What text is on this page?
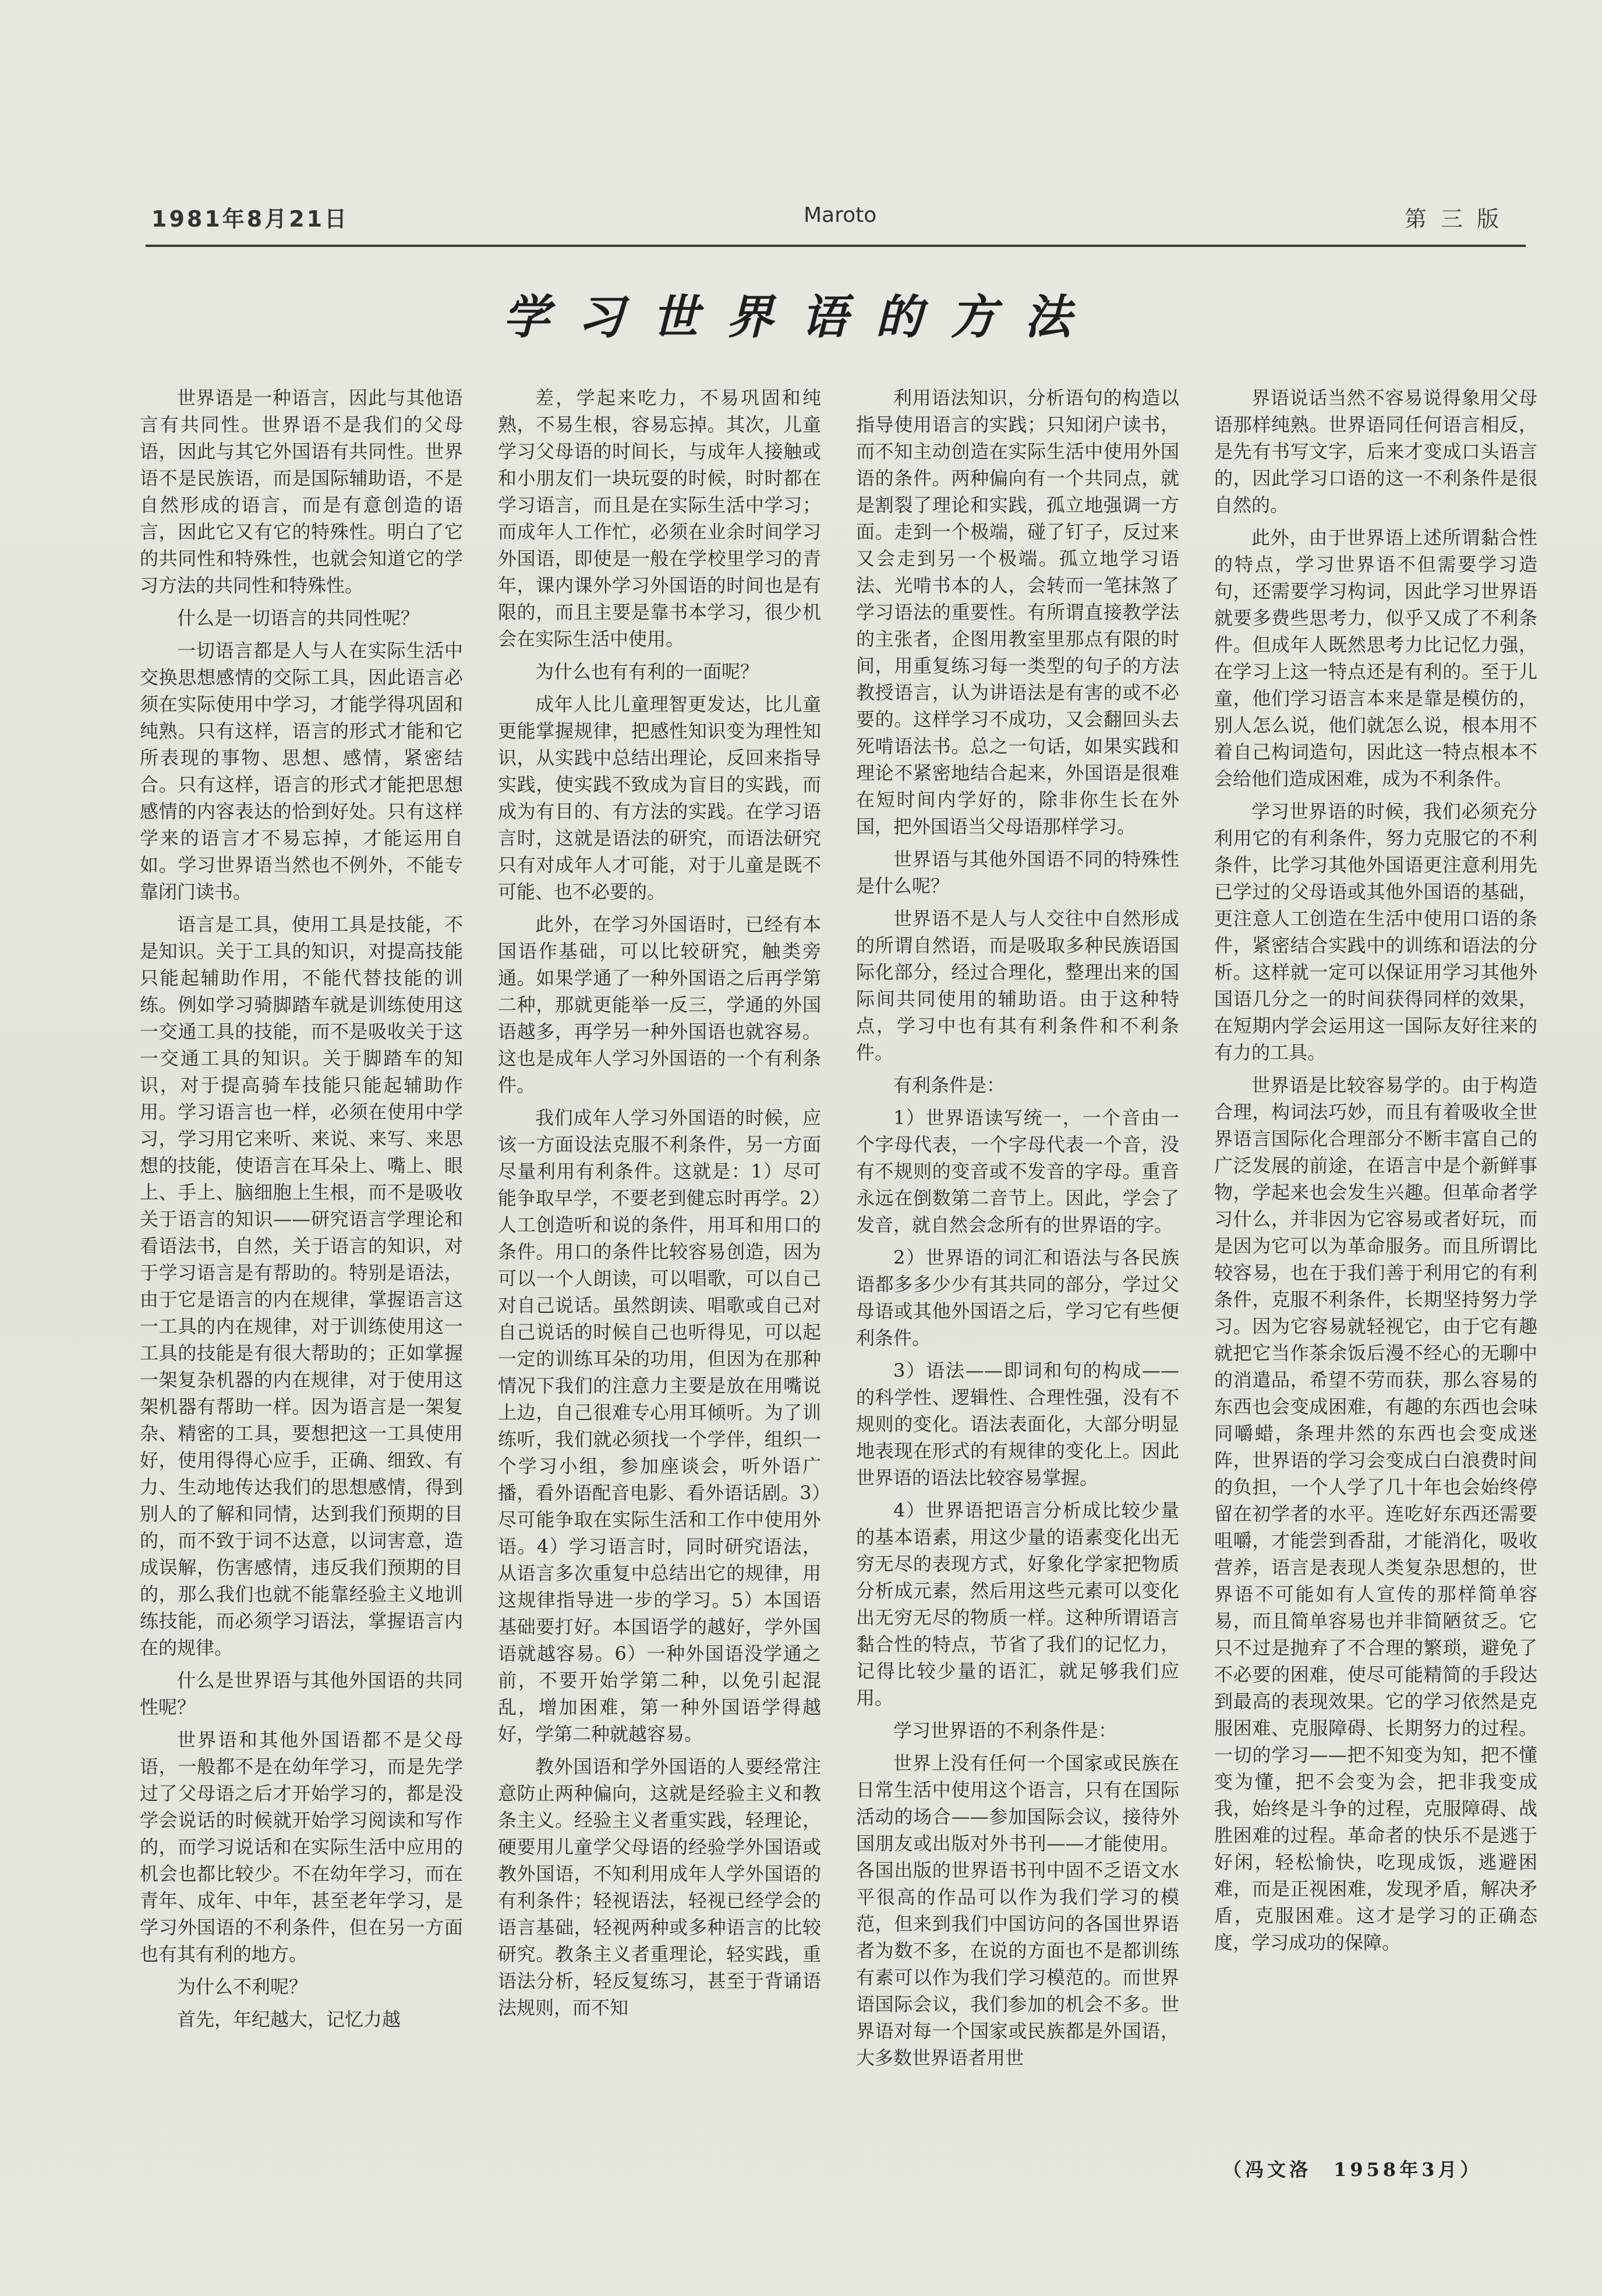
1981年8月21日	Maroto	第 三 版
学习世界语的方法

世界语是一种语言，因此与其他语言有共同性。世界语不是我们的父母语，因此与其它外国语有共同性。世界语不是民族语，而是国际辅助语，不是自然形成的语言，而是有意创造的语言，因此它又有它的特殊性。明白了它的共同性和特殊性，也就会知道它的学习方法的共同性和特殊性。

什么是一切语言的共同性呢？

一切语言都是人与人在实际生活中交换思想感情的交际工具，因此语言必须在实际使用中学习，才能学得巩固和纯熟。只有这样，语言的形式才能和它所表现的事物、思想、感情，紧密结合。只有这样，语言的形式才能把思想感情的内容表达的恰到好处。只有这样学来的语言才不易忘掉，才能运用自如。学习世界语当然也不例外，不能专靠闭门读书。

语言是工具，使用工具是技能，不是知识。关于工具的知识，对提高技能只能起辅助作用，不能代替技能的训练。例如学习骑脚踏车就是训练使用这一交通工具的技能，而不是吸收关于这一交通工具的知识。关于脚踏车的知识，对于提高骑车技能只能起辅助作用。学习语言也一样，必须在使用中学习，学习用它来听、来说、来写、来思想的技能，使语言在耳朵上、嘴上、眼上、手上、脑细胞上生根，而不是吸收关于语言的知识——研究语言学理论和看语法书，自然，关于语言的知识，对于学习语言是有帮助的。特别是语法，由于它是语言的内在规律，掌握语言这一工具的内在规律，对于训练使用这一工具的技能是有很大帮助的；正如掌握一架复杂机器的内在规律，对于使用这架机器有帮助一样。因为语言是一架复杂、精密的工具，要想把这一工具使用好，使用得得心应手，正确、细致、有力、生动地传达我们的思想感情，得到别人的了解和同情，达到我们预期的目的，而不致于词不达意，以词害意，造成误解，伤害感情，违反我们预期的目的，那么我们也就不能靠经验主义地训练技能，而必须学习语法，掌握语言内在的规律。

什么是世界语与其他外国语的共同性呢？

世界语和其他外国语都不是父母语，一般都不是在幼年学习，而是先学过了父母语之后才开始学习的，都是没学会说话的时候就开始学习阅读和写作的，而学习说话和在实际生活中应用的机会也都比较少。不在幼年学习，而在青年、成年、中年，甚至老年学习，是学习外国语的不利条件，但在另一方面也有其有利的地方。

为什么不利呢？

首先，年纪越大，记忆力越

差，学起来吃力，不易巩固和纯熟，不易生根，容易忘掉。其次，儿童学习父母语的时间长，与成年人接触或和小朋友们一块玩耍的时候，时时都在学习语言，而且是在实际生活中学习；而成年人工作忙，必须在业余时间学习外国语，即使是一般在学校里学习的青年，课内课外学习外国语的时间也是有限的，而且主要是靠书本学习，很少机会在实际生活中使用。

为什么也有有利的一面呢？

成年人比儿童理智更发达，比儿童更能掌握规律，把感性知识变为理性知识，从实践中总结出理论，反回来指导实践，使实践不致成为盲目的实践，而成为有目的、有方法的实践。在学习语言时，这就是语法的研究，而语法研究只有对成年人才可能，对于儿童是既不可能、也不必要的。

此外，在学习外国语时，已经有本国语作基础，可以比较研究，触类旁通。如果学通了一种外国语之后再学第二种，那就更能举一反三，学通的外国语越多，再学另一种外国语也就容易。这也是成年人学习外国语的一个有利条件。

我们成年人学习外国语的时候，应该一方面设法克服不利条件，另一方面尽量利用有利条件。这就是：1）尽可能争取早学，不要老到健忘时再学。2）人工创造听和说的条件，用耳和用口的条件。用口的条件比较容易创造，因为可以一个人朗读，可以唱歌，可以自己对自己说话。虽然朗读、唱歌或自己对自己说话的时候自己也听得见，可以起一定的训练耳朵的功用，但因为在那种情况下我们的注意力主要是放在用嘴说上边，自己很难专心用耳倾听。为了训练听，我们就必须找一个学伴，组织一个学习小组，参加座谈会，听外语广播，看外语配音电影、看外语话剧。3）尽可能争取在实际生活和工作中使用外语。4）学习语言时，同时研究语法，从语言多次重复中总结出它的规律，用这规律指导进一步的学习。5）本国语基础要打好。本国语学的越好，学外国语就越容易。6）一种外国语没学通之前，不要开始学第二种，以免引起混乱，增加困难，第一种外国语学得越好，学第二种就越容易。

教外国语和学外国语的人要经常注意防止两种偏向，这就是经验主义和教条主义。经验主义者重实践，轻理论，硬要用儿童学父母语的经验学外国语或教外国语，不知利用成年人学外国语的有利条件；轻视语法，轻视已经学会的语言基础，轻视两种或多种语言的比较研究。教条主义者重理论，轻实践，重语法分析，轻反复练习，甚至于背诵语法规则，而不知

利用语法知识，分析语句的构造以指导使用语言的实践；只知闭户读书，而不知主动创造在实际生活中使用外国语的条件。两种偏向有一个共同点，就是割裂了理论和实践，孤立地强调一方面。走到一个极端，碰了钉子，反过来又会走到另一个极端。孤立地学习语法、光啃书本的人，会转而一笔抹煞了学习语法的重要性。有所谓直接教学法的主张者，企图用教室里那点有限的时间，用重复练习每一类型的句子的方法教授语言，认为讲语法是有害的或不必要的。这样学习不成功，又会翻回头去死啃语法书。总之一句话，如果实践和理论不紧密地结合起来，外国语是很难在短时间内学好的，除非你生长在外国，把外国语当父母语那样学习。

世界语与其他外国语不同的特殊性是什么呢？

世界语不是人与人交往中自然形成的所谓自然语，而是吸取多种民族语国际化部分，经过合理化，整理出来的国际间共同使用的辅助语。由于这种特点，学习中也有其有利条件和不利条件。

有利条件是：

1）世界语读写统一，一个音由一个字母代表，一个字母代表一个音，没有不规则的变音或不发音的字母。重音永远在倒数第二音节上。因此，学会了发音，就自然会念所有的世界语的字。

2）世界语的词汇和语法与各民族语都多多少少有其共同的部分，学过父母语或其他外国语之后，学习它有些便利条件。

3）语法——即词和句的构成——的科学性、逻辑性、合理性强，没有不规则的变化。语法表面化，大部分明显地表现在形式的有规律的变化上。因此世界语的语法比较容易掌握。

4）世界语把语言分析成比较少量的基本语素，用这少量的语素变化出无穷无尽的表现方式，好象化学家把物质分析成元素，然后用这些元素可以变化出无穷无尽的物质一样。这种所谓语言黏合性的特点，节省了我们的记忆力，记得比较少量的语汇，就足够我们应用。

学习世界语的不利条件是：

世界上没有任何一个国家或民族在日常生活中使用这个语言，只有在国际活动的场合——参加国际会议，接待外国朋友或出版对外书刊——才能使用。各国出版的世界语书刊中固不乏语文水平很高的作品可以作为我们学习的模范，但来到我们中国访问的各国世界语者为数不多，在说的方面也不是都训练有素可以作为我们学习模范的。而世界语国际会议，我们参加的机会不多。世界语对每一个国家或民族都是外国语，大多数世界语者用世

界语说话当然不容易说得象用父母语那样纯熟。世界语同任何语言相反，是先有书写文字，后来才变成口头语言的，因此学习口语的这一不利条件是很自然的。

此外，由于世界语上述所谓黏合性的特点，学习世界语不但需要学习造句，还需要学习构词，因此学习世界语就要多费些思考力，似乎又成了不利条件。但成年人既然思考力比记忆力强，在学习上这一特点还是有利的。至于儿童，他们学习语言本来是靠是模仿的，别人怎么说，他们就怎么说，根本用不着自己构词造句，因此这一特点根本不会给他们造成困难，成为不利条件。

学习世界语的时候，我们必须充分利用它的有利条件，努力克服它的不利条件，比学习其他外国语更注意利用先已学过的父母语或其他外国语的基础，更注意人工创造在生活中使用口语的条件，紧密结合实践中的训练和语法的分析。这样就一定可以保证用学习其他外国语几分之一的时间获得同样的效果，在短期内学会运用这一国际友好往来的有力的工具。

世界语是比较容易学的。由于构造合理，构词法巧妙，而且有着吸收全世界语言国际化合理部分不断丰富自己的广泛发展的前途，在语言中是个新鲜事物，学起来也会发生兴趣。但革命者学习什么，并非因为它容易或者好玩，而是因为它可以为革命服务。而且所谓比较容易，也在于我们善于利用它的有利条件，克服不利条件，长期坚持努力学习。因为它容易就轻视它，由于它有趣就把它当作茶余饭后漫不经心的无聊中的消遣品，希望不劳而获，那么容易的东西也会变成困难，有趣的东西也会味同嚼蜡，条理井然的东西也会变成迷阵，世界语的学习会变成白白浪费时间的负担，一个人学了几十年也会始终停留在初学者的水平。连吃好东西还需要咀嚼，才能尝到香甜，才能消化，吸收营养，语言是表现人类复杂思想的，世界语不可能如有人宣传的那样简单容易，而且简单容易也并非简陋贫乏。它只不过是抛弃了不合理的繁琐，避免了不必要的困难，使尽可能精简的手段达到最高的表现效果。它的学习依然是克服困难、克服障碍、长期努力的过程。一切的学习——把不知变为知，把不懂变为懂，把不会变为会，把非我变成我，始终是斗争的过程，克服障碍、战胜困难的过程。革命者的快乐不是逃于好闲，轻松愉快，吃现成饭，逃避困难，而是正视困难，发现矛盾，解决矛盾，克服困难。这才是学习的正确态度，学习成功的保障。

（冯文洛　1958年3月）
